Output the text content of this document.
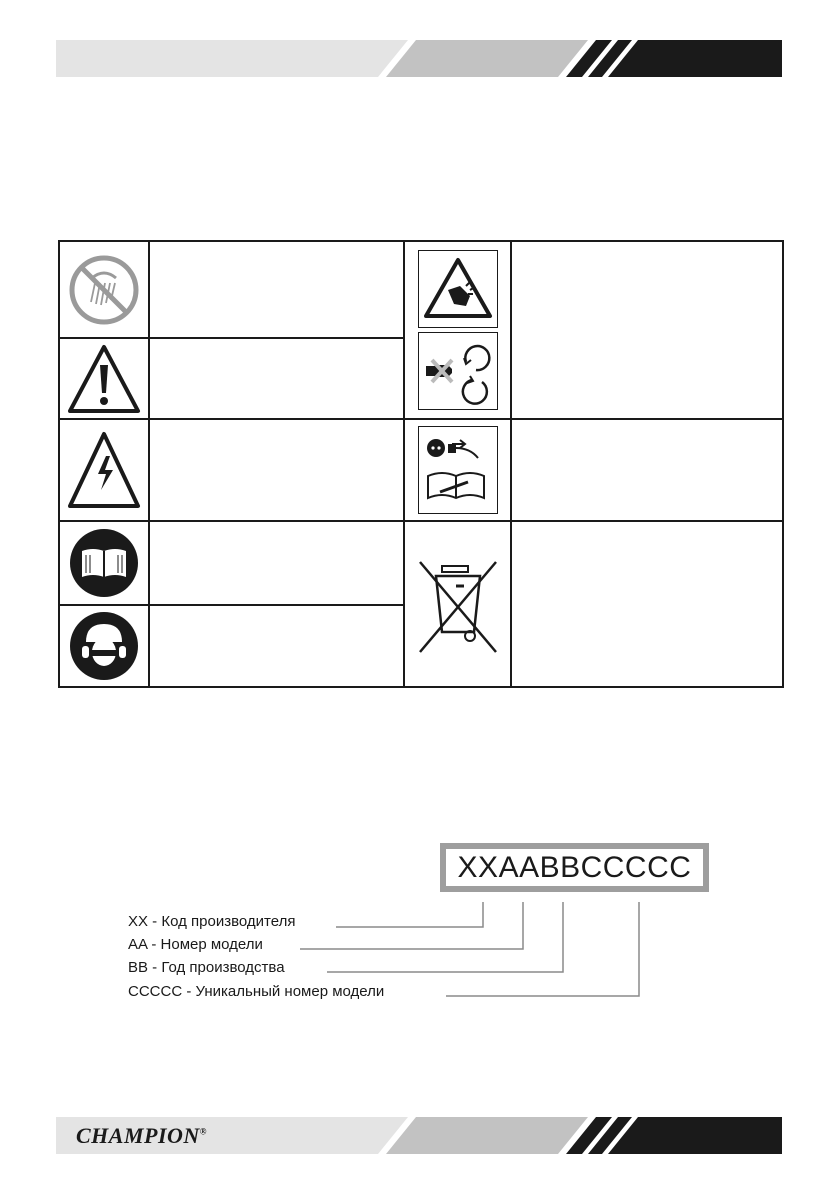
XXAABBCCCCC
XX - Код производителя
AA - Номер модели
BB - Год производства
CCCCC - Уникальный номер модели
CHAMPION®
